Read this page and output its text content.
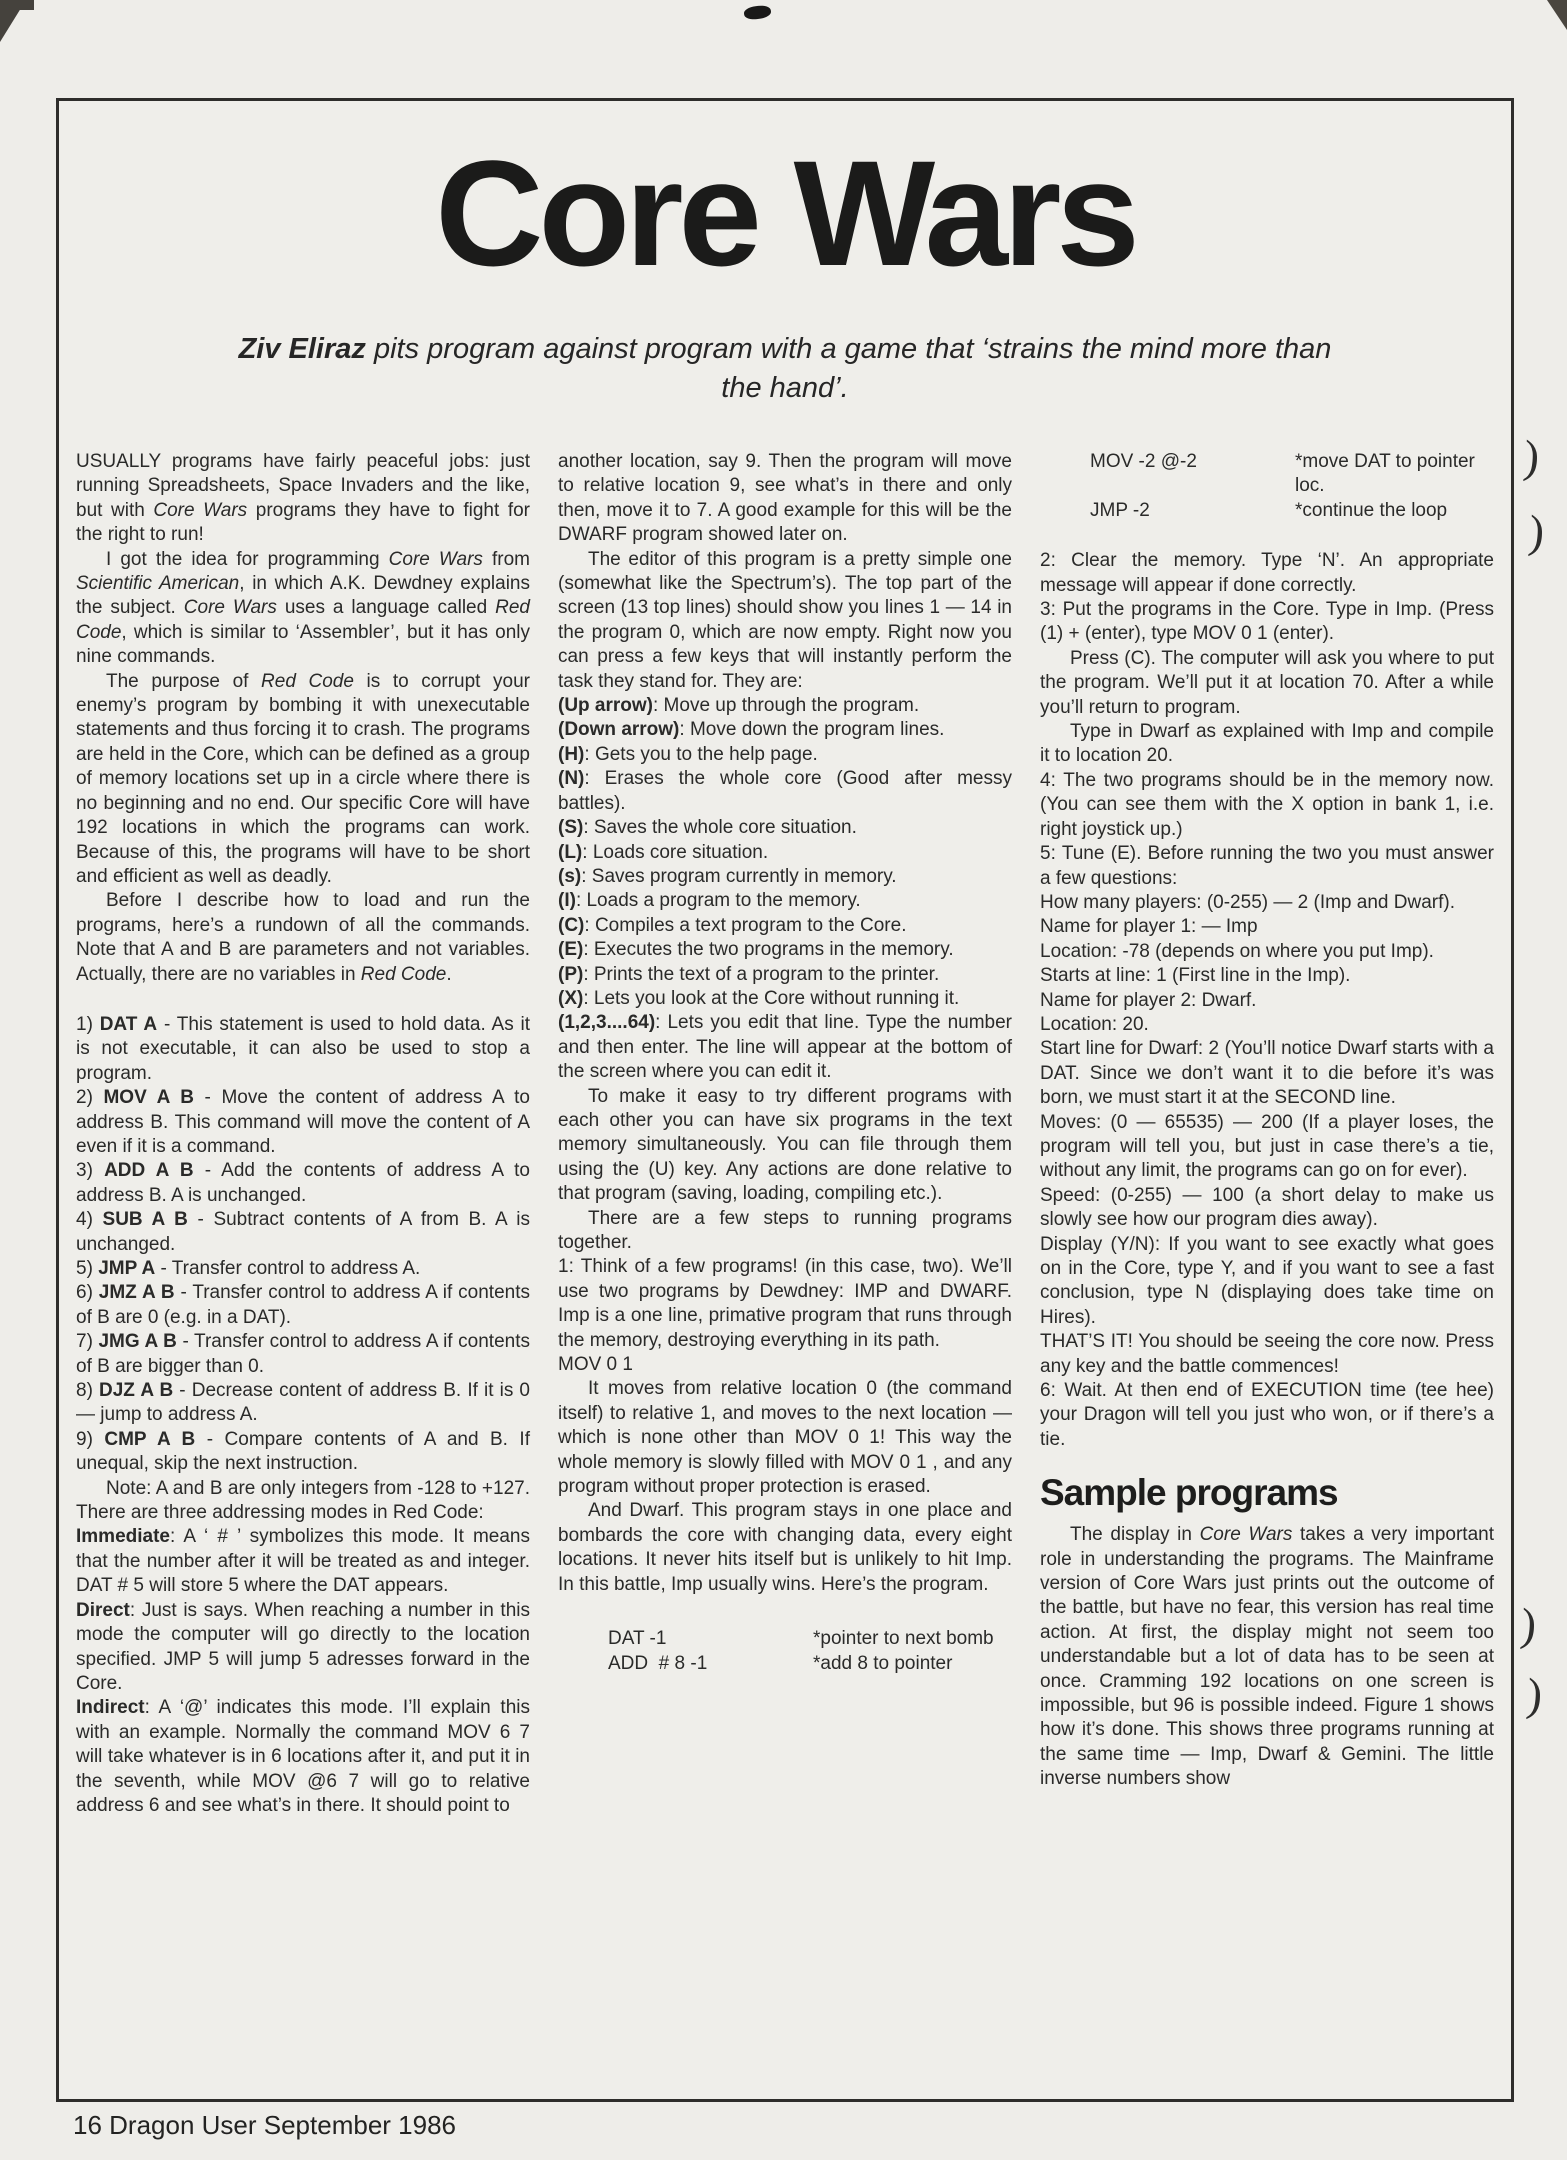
)
)
)
)
Core Wars

Ziv Eliraz pits program against program with a game that ‘strains the mind more than the hand’.

USUALLY programs have fairly peaceful jobs: just running Spreadsheets, Space Invaders and the like, but with Core Wars programs they have to fight for the right to run!

I got the idea for programming Core Wars from Scientific American, in which A.K. Dewdney explains the subject. Core Wars uses a language called Red Code, which is similar to ‘Assembler’, but it has only nine commands.

The purpose of Red Code is to corrupt your enemy’s program by bombing it with unexecutable statements and thus forcing it to crash. The programs are held in the Core, which can be defined as a group of memory locations set up in a circle where there is no beginning and no end. Our specific Core will have 192 locations in which the programs can work. Because of this, the programs will have to be short and efficient as well as deadly.

Before I describe how to load and run the programs, here’s a rundown of all the commands. Note that A and B are parameters and not variables. Actually, there are no variables in Red Code.

1) DAT A - This statement is used to hold data. As it is not executable, it can also be used to stop a program.

2) MOV A B - Move the content of address A to address B. This command will move the content of A even if it is a command.

3) ADD A B - Add the contents of address A to address B. A is unchanged.

4) SUB A B - Subtract contents of A from B. A is unchanged.

5) JMP A - Transfer control to address A.

6) JMZ A B - Transfer control to address A if contents of B are 0 (e.g. in a DAT).

7) JMG A B - Transfer control to address A if contents of B are bigger than 0.

8) DJZ A B - Decrease content of address B. If it is 0 — jump to address A.

9) CMP A B - Compare contents of A and B. If unequal, skip the next instruction.

Note: A and B are only integers from -128 to +127. There are three addressing modes in Red Code:

Immediate: A ‘ # ’ symbolizes this mode. It means that the number after it will be treated as and integer. DAT # 5 will store 5 where the DAT appears.

Direct: Just is says. When reaching a number in this mode the computer will go directly to the location specified. JMP 5 will jump 5 adresses forward in the Core.

Indirect: A ‘@’ indicates this mode. I’ll explain this with an example. Normally the command MOV 6 7 will take whatever is in 6 locations after it, and put it in the seventh, while MOV @6 7 will go to relative address 6 and see what’s in there. It should point to

another location, say 9. Then the program will move to relative location 9, see what’s in there and only then, move it to 7. A good example for this will be the DWARF program showed later on.

The editor of this program is a pretty simple one (somewhat like the Spectrum’s). The top part of the screen (13 top lines) should show you lines 1 — 14 in the program 0, which are now empty. Right now you can press a few keys that will instantly perform the task they stand for. They are:

(Up arrow): Move up through the program.

(Down arrow): Move down the program lines.

(H): Gets you to the help page.

(N): Erases the whole core (Good after messy battles).

(S): Saves the whole core situation.

(L): Loads core situation.

(s): Saves program currently in memory.

(I): Loads a program to the memory.

(C): Compiles a text program to the Core.

(E): Executes the two programs in the memory.

(P): Prints the text of a program to the printer.

(X): Lets you look at the Core without running it.

(1,2,3....64): Lets you edit that line. Type the number and then enter. The line will appear at the bottom of the screen where you can edit it.

To make it easy to try different programs with each other you can have six programs in the text memory simultaneously. You can file through them using the (U) key. Any actions are done relative to that program (saving, loading, compiling etc.).

There are a few steps to running programs together.

1: Think of a few programs! (in this case, two). We’ll use two programs by Dewdney: IMP and DWARF. Imp is a one line, primative program that runs through the memory, destroying everything in its path.

MOV 0 1

It moves from relative location 0 (the command itself) to relative 1, and moves to the next location — which is none other than MOV 0 1! This way the whole memory is slowly filled with MOV 0 1 , and any program without proper protection is erased.

And Dwarf. This program stays in one place and bombards the core with changing data, every eight locations. It never hits itself but is unlikely to hit Imp. In this battle, Imp usually wins. Here’s the program.

DAT -1	*pointer to next bomb
ADD  # 8 -1	*add 8 to pointer
MOV -2 @-2	*move DAT to pointer
loc.
JMP -2	*continue the loop

2: Clear the memory. Type ‘N’. An appropriate message will appear if done correctly.

3: Put the programs in the Core. Type in Imp. (Press (1) + (enter), type MOV 0 1 (enter).

Press (C). The computer will ask you where to put the program. We’ll put it at location 70. After a while you’ll return to program.

Type in Dwarf as explained with Imp and compile it to location 20.

4: The two programs should be in the memory now. (You can see them with the X option in bank 1, i.e. right joystick up.)

5: Tune (E). Before running the two you must answer a few questions:

How many players: (0-255) — 2 (Imp and Dwarf).

Name for player 1: — Imp

Location: -78 (depends on where you put Imp).

Starts at line: 1 (First line in the Imp).

Name for player 2: Dwarf.

Location: 20.

Start line for Dwarf: 2 (You’ll notice Dwarf starts with a DAT. Since we don’t want it to die before it’s was born, we must start it at the SECOND line.

Moves: (0 — 65535) — 200 (If a player loses, the program will tell you, but just in case there’s a tie, without any limit, the programs can go on for ever).

Speed: (0-255) — 100 (a short delay to make us slowly see how our program dies away).

Display (Y/N): If you want to see exactly what goes on in the Core, type Y, and if you want to see a fast conclusion, type N (displaying does take time on Hires).

THAT’S IT! You should be seeing the core now. Press any key and the battle commences!

6: Wait. At then end of EXECUTION time (tee hee) your Dragon will tell you just who won, or if there’s a tie.

Sample programs

The display in Core Wars takes a very important role in understanding the programs. The Mainframe version of Core Wars just prints out the outcome of the battle, but have no fear, this version has real time action. At first, the display might not seem too understandable but a lot of data has to be seen at once. Cramming 192 locations on one screen is impossible, but 96 is possible indeed. Figure 1 shows how it’s done. This shows three programs running at the same time — Imp, Dwarf & Gemini. The little inverse numbers show

16 Dragon User September 1986
